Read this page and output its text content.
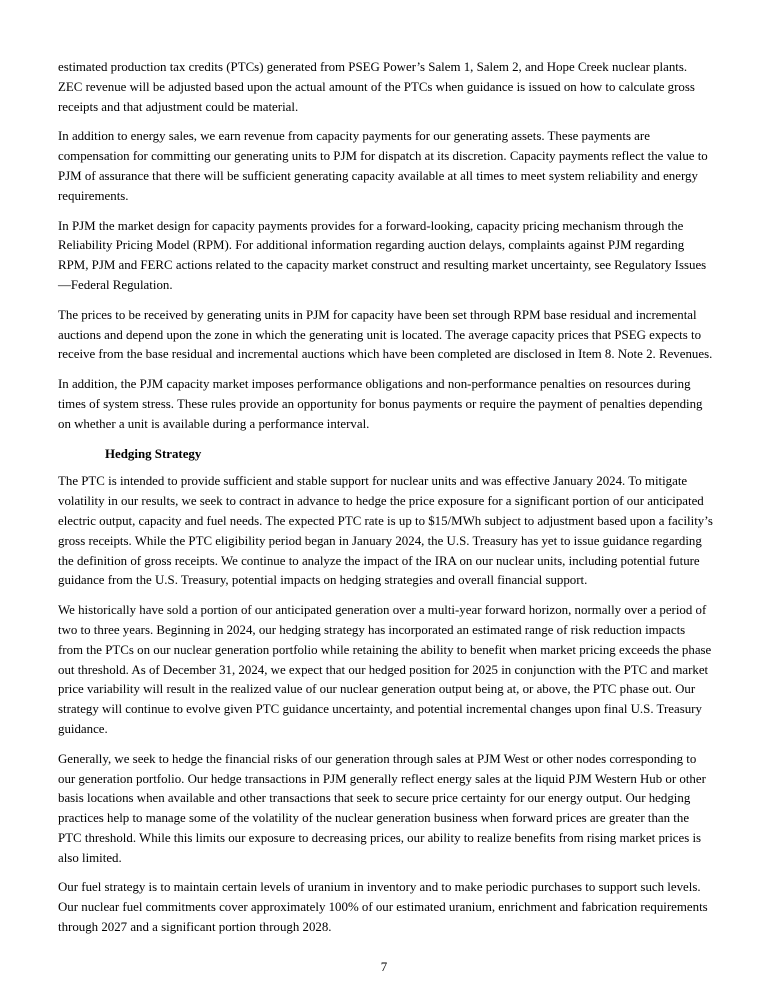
estimated production tax credits (PTCs) generated from PSEG Power’s Salem 1, Salem 2, and Hope Creek nuclear plants. ZEC revenue will be adjusted based upon the actual amount of the PTCs when guidance is issued on how to calculate gross receipts and that adjustment could be material.

In addition to energy sales, we earn revenue from capacity payments for our generating assets. These payments are compensation for committing our generating units to PJM for dispatch at its discretion. Capacity payments reflect the value to PJM of assurance that there will be sufficient generating capacity available at all times to meet system reliability and energy requirements.

In PJM the market design for capacity payments provides for a forward-looking, capacity pricing mechanism through the Reliability Pricing Model (RPM). For additional information regarding auction delays, complaints against PJM regarding RPM, PJM and FERC actions related to the capacity market construct and resulting market uncertainty, see Regulatory Issues—Federal Regulation.

The prices to be received by generating units in PJM for capacity have been set through RPM base residual and incremental auctions and depend upon the zone in which the generating unit is located. The average capacity prices that PSEG expects to receive from the base residual and incremental auctions which have been completed are disclosed in Item 8. Note 2. Revenues.

In addition, the PJM capacity market imposes performance obligations and non-performance penalties on resources during times of system stress. These rules provide an opportunity for bonus payments or require the payment of penalties depending on whether a unit is available during a performance interval.

Hedging Strategy

The PTC is intended to provide sufficient and stable support for nuclear units and was effective January 2024. To mitigate volatility in our results, we seek to contract in advance to hedge the price exposure for a significant portion of our anticipated electric output, capacity and fuel needs. The expected PTC rate is up to $15/MWh subject to adjustment based upon a facility’s gross receipts. While the PTC eligibility period began in January 2024, the U.S. Treasury has yet to issue guidance regarding the definition of gross receipts. We continue to analyze the impact of the IRA on our nuclear units, including potential future guidance from the U.S. Treasury, potential impacts on hedging strategies and overall financial support.

We historically have sold a portion of our anticipated generation over a multi-year forward horizon, normally over a period of two to three years. Beginning in 2024, our hedging strategy has incorporated an estimated range of risk reduction impacts from the PTCs on our nuclear generation portfolio while retaining the ability to benefit when market pricing exceeds the phase out threshold. As of December 31, 2024, we expect that our hedged position for 2025 in conjunction with the PTC and market price variability will result in the realized value of our nuclear generation output being at, or above, the PTC phase out. Our strategy will continue to evolve given PTC guidance uncertainty, and potential incremental changes upon final U.S. Treasury guidance.

Generally, we seek to hedge the financial risks of our generation through sales at PJM West or other nodes corresponding to our generation portfolio. Our hedge transactions in PJM generally reflect energy sales at the liquid PJM Western Hub or other basis locations when available and other transactions that seek to secure price certainty for our energy output. Our hedging practices help to manage some of the volatility of the nuclear generation business when forward prices are greater than the PTC threshold. While this limits our exposure to decreasing prices, our ability to realize benefits from rising market prices is also limited.

Our fuel strategy is to maintain certain levels of uranium in inventory and to make periodic purchases to support such levels. Our nuclear fuel commitments cover approximately 100% of our estimated uranium, enrichment and fabrication requirements through 2027 and a significant portion through 2028.

7
